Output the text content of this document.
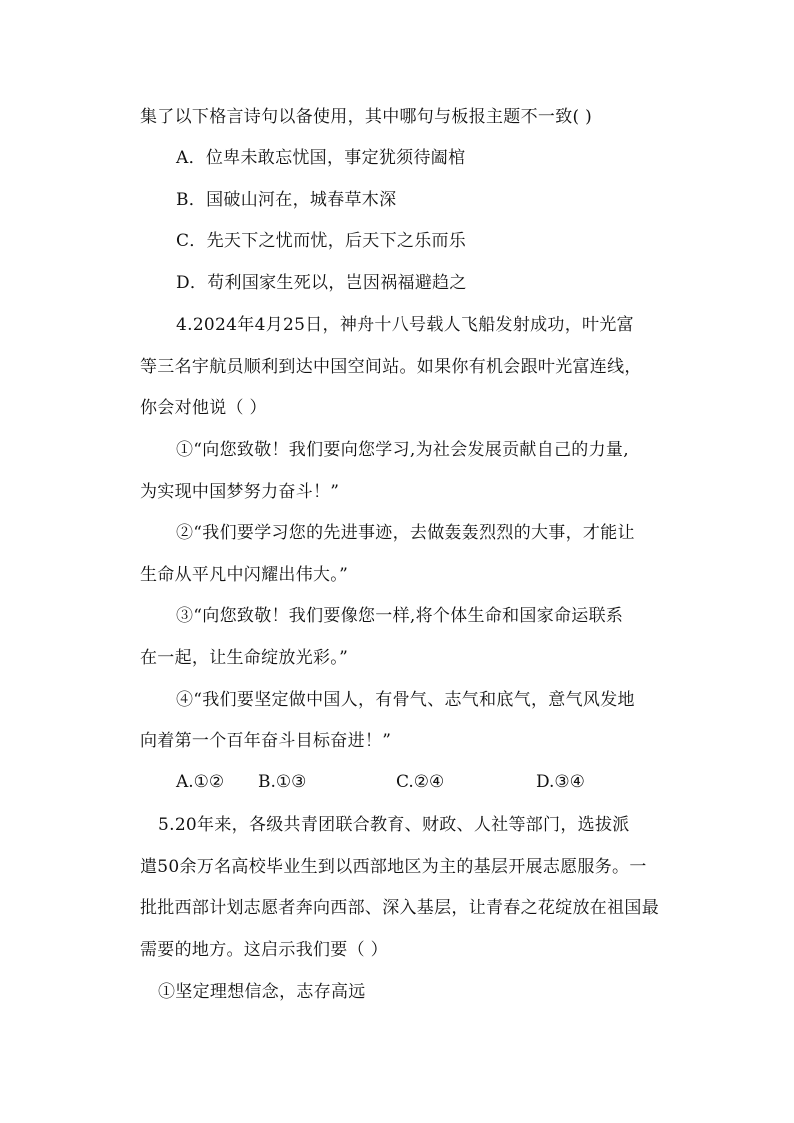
集了以下格言诗句以备使用，其中哪句与板报主题不一致( )
A．位卑未敢忘忧国，事定犹须待阖棺
B．国破山河在，城春草木深
C．先天下之忧而忧，后天下之乐而乐
D．苟利国家生死以，岂因祸福避趋之
4.2024年4月25日，神舟十八号载人飞船发射成功，叶光富
等三名宇航员顺利到达中国空间站。如果你有机会跟叶光富连线，
你会对他说（ ）
①“向您致敬！我们要向您学习,为社会发展贡献自己的力量,
为实现中国梦努力奋斗！”
②“我们要学习您的先进事迹，去做轰轰烈烈的大事，才能让
生命从平凡中闪耀出伟大。”
③“向您致敬！我们要像您一样,将个体生命和国家命运联系
在一起，让生命绽放光彩。”
④“我们要坚定做中国人，有骨气、志气和底气，意气风发地
向着第一个百年奋斗目标奋进！”
A.①② B.①③	C.②④	D.③④
5.20年来，各级共青团联合教育、财政、人社等部门，选拔派
遣50余万名高校毕业生到以西部地区为主的基层开展志愿服务。一
批批西部计划志愿者奔向西部、深入基层，让青春之花绽放在祖国最
需要的地方。这启示我们要（ ）
①坚定理想信念，志存高远
